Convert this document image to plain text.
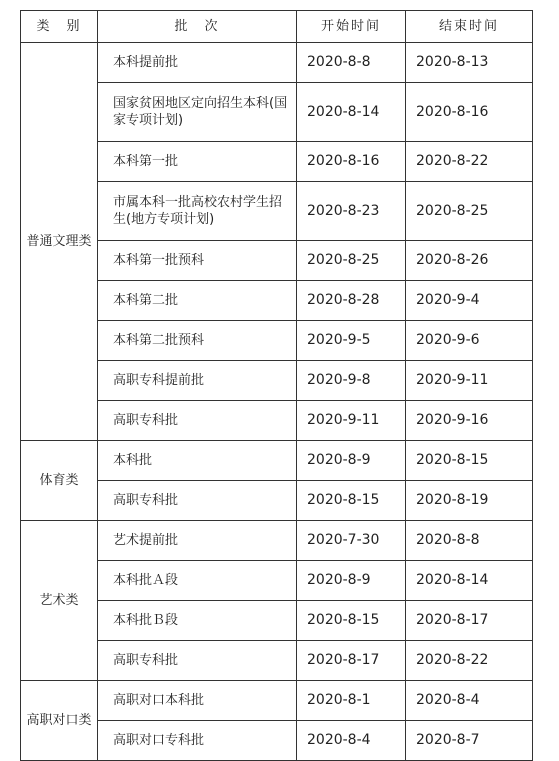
类　别	批　次	开始时间	结束时间
普通文理类	本科提前批	2020-8-8	2020-8-13
	国家贫困地区定向招生本科(国家专项计划)	2020-8-14	2020-8-16
	本科第一批	2020-8-16	2020-8-22
	市属本科一批高校农村学生招生(地方专项计划)	2020-8-23	2020-8-25
	本科第一批预科	2020-8-25	2020-8-26
	本科第二批	2020-8-28	2020-9-4
	本科第二批预科	2020-9-5	2020-9-6
	高职专科提前批	2020-9-8	2020-9-11
	高职专科批	2020-9-11	2020-9-16
体育类	本科批	2020-8-9	2020-8-15
	高职专科批	2020-8-15	2020-8-19
艺术类	艺术提前批	2020-7-30	2020-8-8
	本科批Ａ段	2020-8-9	2020-8-14
	本科批Ｂ段	2020-8-15	2020-8-17
	高职专科批	2020-8-17	2020-8-22
高职对口类	高职对口本科批	2020-8-1	2020-8-4
	高职对口专科批	2020-8-4	2020-8-7
